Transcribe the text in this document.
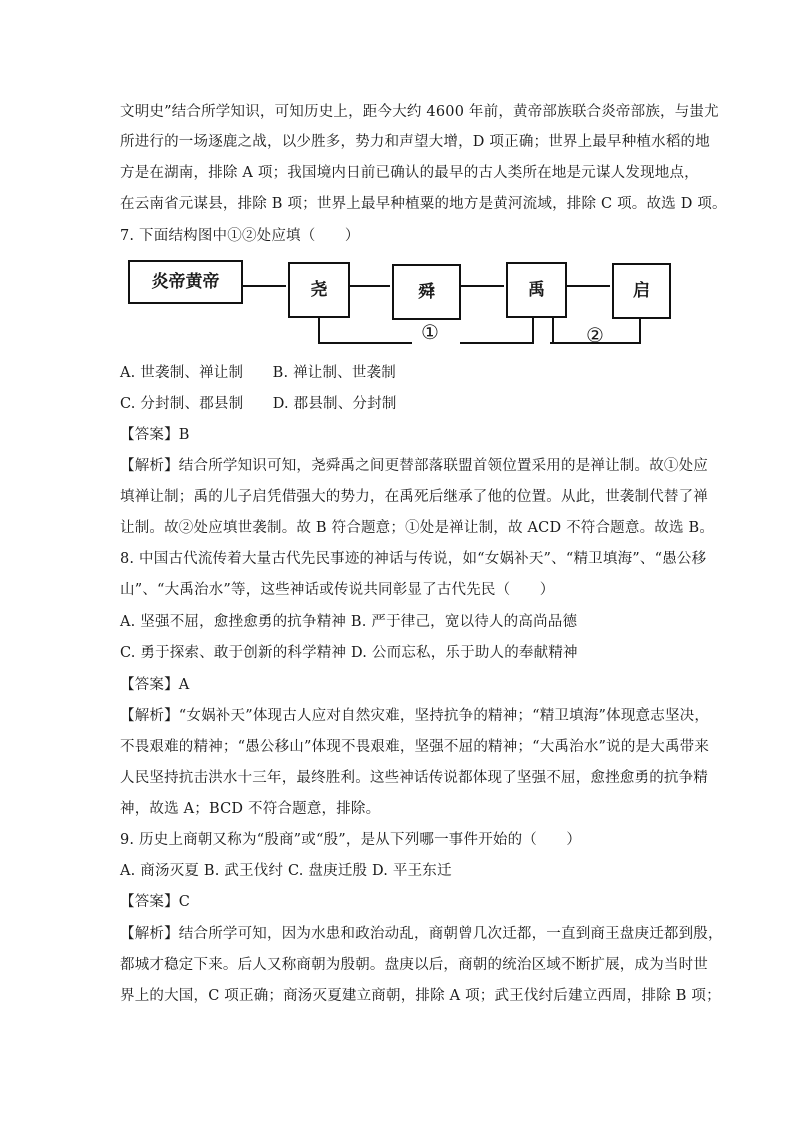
文明史”结合所学知识，可知历史上，距今大约 4600 年前，黄帝部族联合炎帝部族，与蚩尤
所进行的一场逐鹿之战，以少胜多，势力和声望大增，D 项正确；世界上最早种植水稻的地
方是在湖南，排除 A 项；我国境内日前已确认的最早的古人类所在地是元谋人发现地点，
在云南省元谋县，排除 B 项；世界上最早种植粟的地方是黄河流域，排除 C 项。故选 D 项。
7. 下面结构图中①②处应填（　　）
炎帝黄帝	尧	舜	禹	启
①	②
A. 世袭制、禅让制　　B. 禅让制、世袭制
C. 分封制、郡县制　　D. 郡县制、分封制
【答案】B
【解析】结合所学知识可知，尧舜禹之间更替部落联盟首领位置采用的是禅让制。故①处应
填禅让制；禹的儿子启凭借强大的势力，在禹死后继承了他的位置。从此，世袭制代替了禅
让制。故②处应填世袭制。故 B 符合题意；①处是禅让制，故 ACD 不符合题意。故选 B。
8. 中国古代流传着大量古代先民事迹的神话与传说，如“女娲补天”、“精卫填海”、“愚公移
山”、“大禹治水”等，这些神话或传说共同彰显了古代先民（　　）
A. 坚强不屈，愈挫愈勇的抗争精神 B. 严于律己，宽以待人的高尚品德
C. 勇于探索、敢于创新的科学精神 D. 公而忘私，乐于助人的奉献精神
【答案】A
【解析】“女娲补天”体现古人应对自然灾难，坚持抗争的精神；“精卫填海”体现意志坚决，
不畏艰难的精神；“愚公移山”体现不畏艰难，坚强不屈的精神；“大禹治水”说的是大禹带来
人民坚持抗击洪水十三年，最终胜利。这些神话传说都体现了坚强不屈，愈挫愈勇的抗争精
神，故选 A；BCD 不符合题意，排除。
9. 历史上商朝又称为“殷商”或“殷”，是从下列哪一事件开始的（　　）
A. 商汤灭夏 B. 武王伐纣 C. 盘庚迁殷 D. 平王东迁
【答案】C
【解析】结合所学可知，因为水患和政治动乱，商朝曾几次迁都，一直到商王盘庚迁都到殷，
都城才稳定下来。后人又称商朝为殷朝。盘庚以后，商朝的统治区域不断扩展，成为当时世
界上的大国，C 项正确；商汤灭夏建立商朝，排除 A 项；武王伐纣后建立西周，排除 B 项；
